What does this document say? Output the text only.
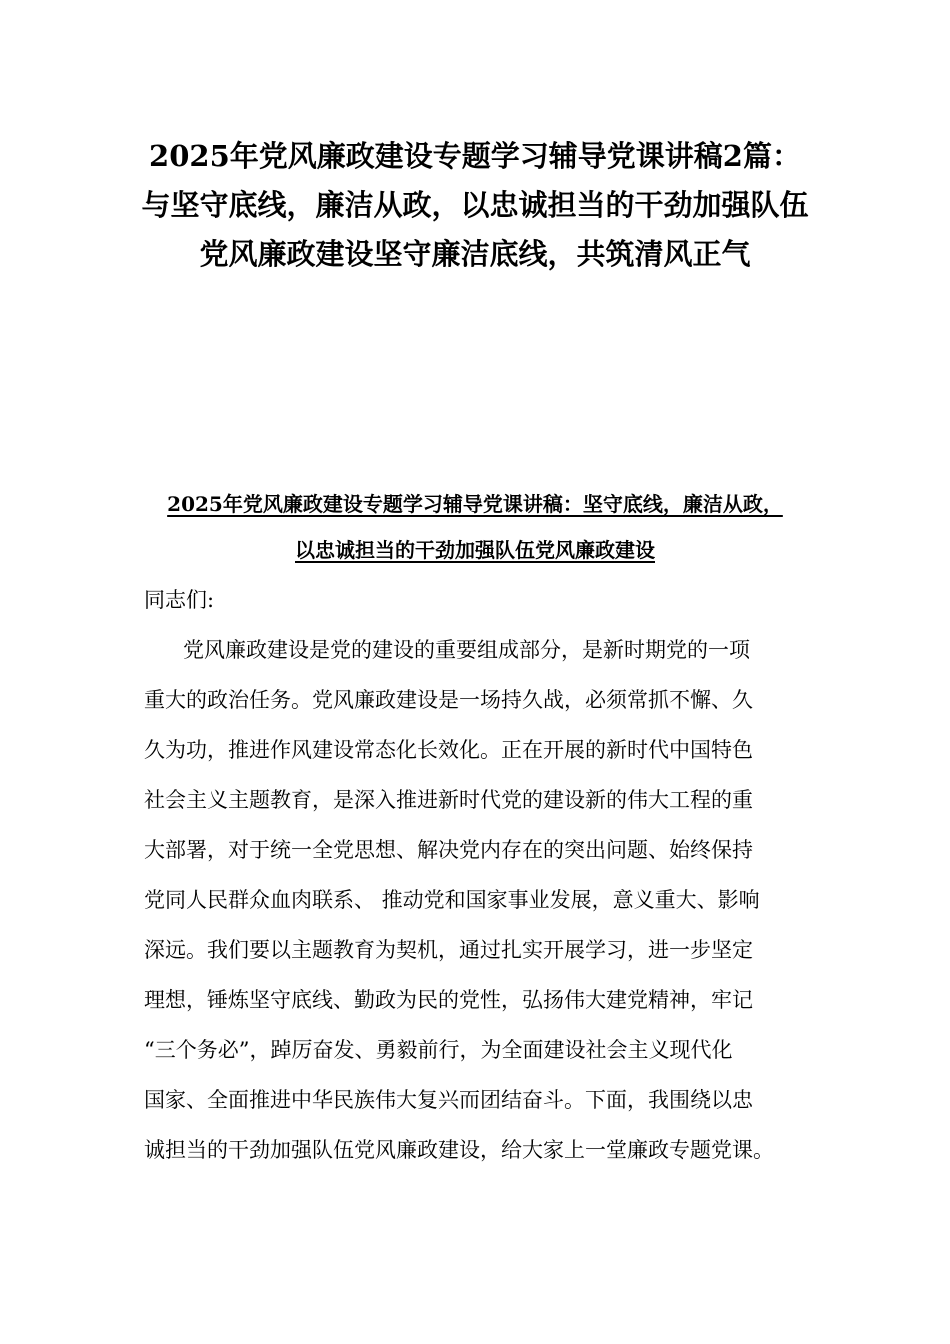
2025年党风廉政建设专题学习辅导党课讲稿2篇：
与坚守底线，廉洁从政，以忠诚担当的干劲加强队伍
党风廉政建设坚守廉洁底线，共筑清风正气
2025年党风廉政建设专题学习辅导党课讲稿：坚守底线，廉洁从政，
以忠诚担当的干劲加强队伍党风廉政建设
同志们:
党风廉政建设是党的建设的重要组成部分，是新时期党的一项
重大的政治任务。党风廉政建设是一场持久战，必须常抓不懈、久
久为功，推进作风建设常态化长效化。正在开展的新时代中国特色
社会主义主题教育，是深入推进新时代党的建设新的伟大工程的重
大部署，对于统一全党思想、解决党内存在的突出问题、始终保持
党同人民群众血肉联系、 推动党和国家事业发展，意义重大、影响
深远。我们要以主题教育为契机，通过扎实开展学习，进一步坚定
理想，锤炼坚守底线、勤政为民的党性，弘扬伟大建党精神，牢记
“三个务必”，踔厉奋发、勇毅前行，为全面建设社会主义现代化
国家、全面推进中华民族伟大复兴而团结奋斗。下面，我围绕以忠
诚担当的干劲加强队伍党风廉政建设，给大家上一堂廉政专题党课。
